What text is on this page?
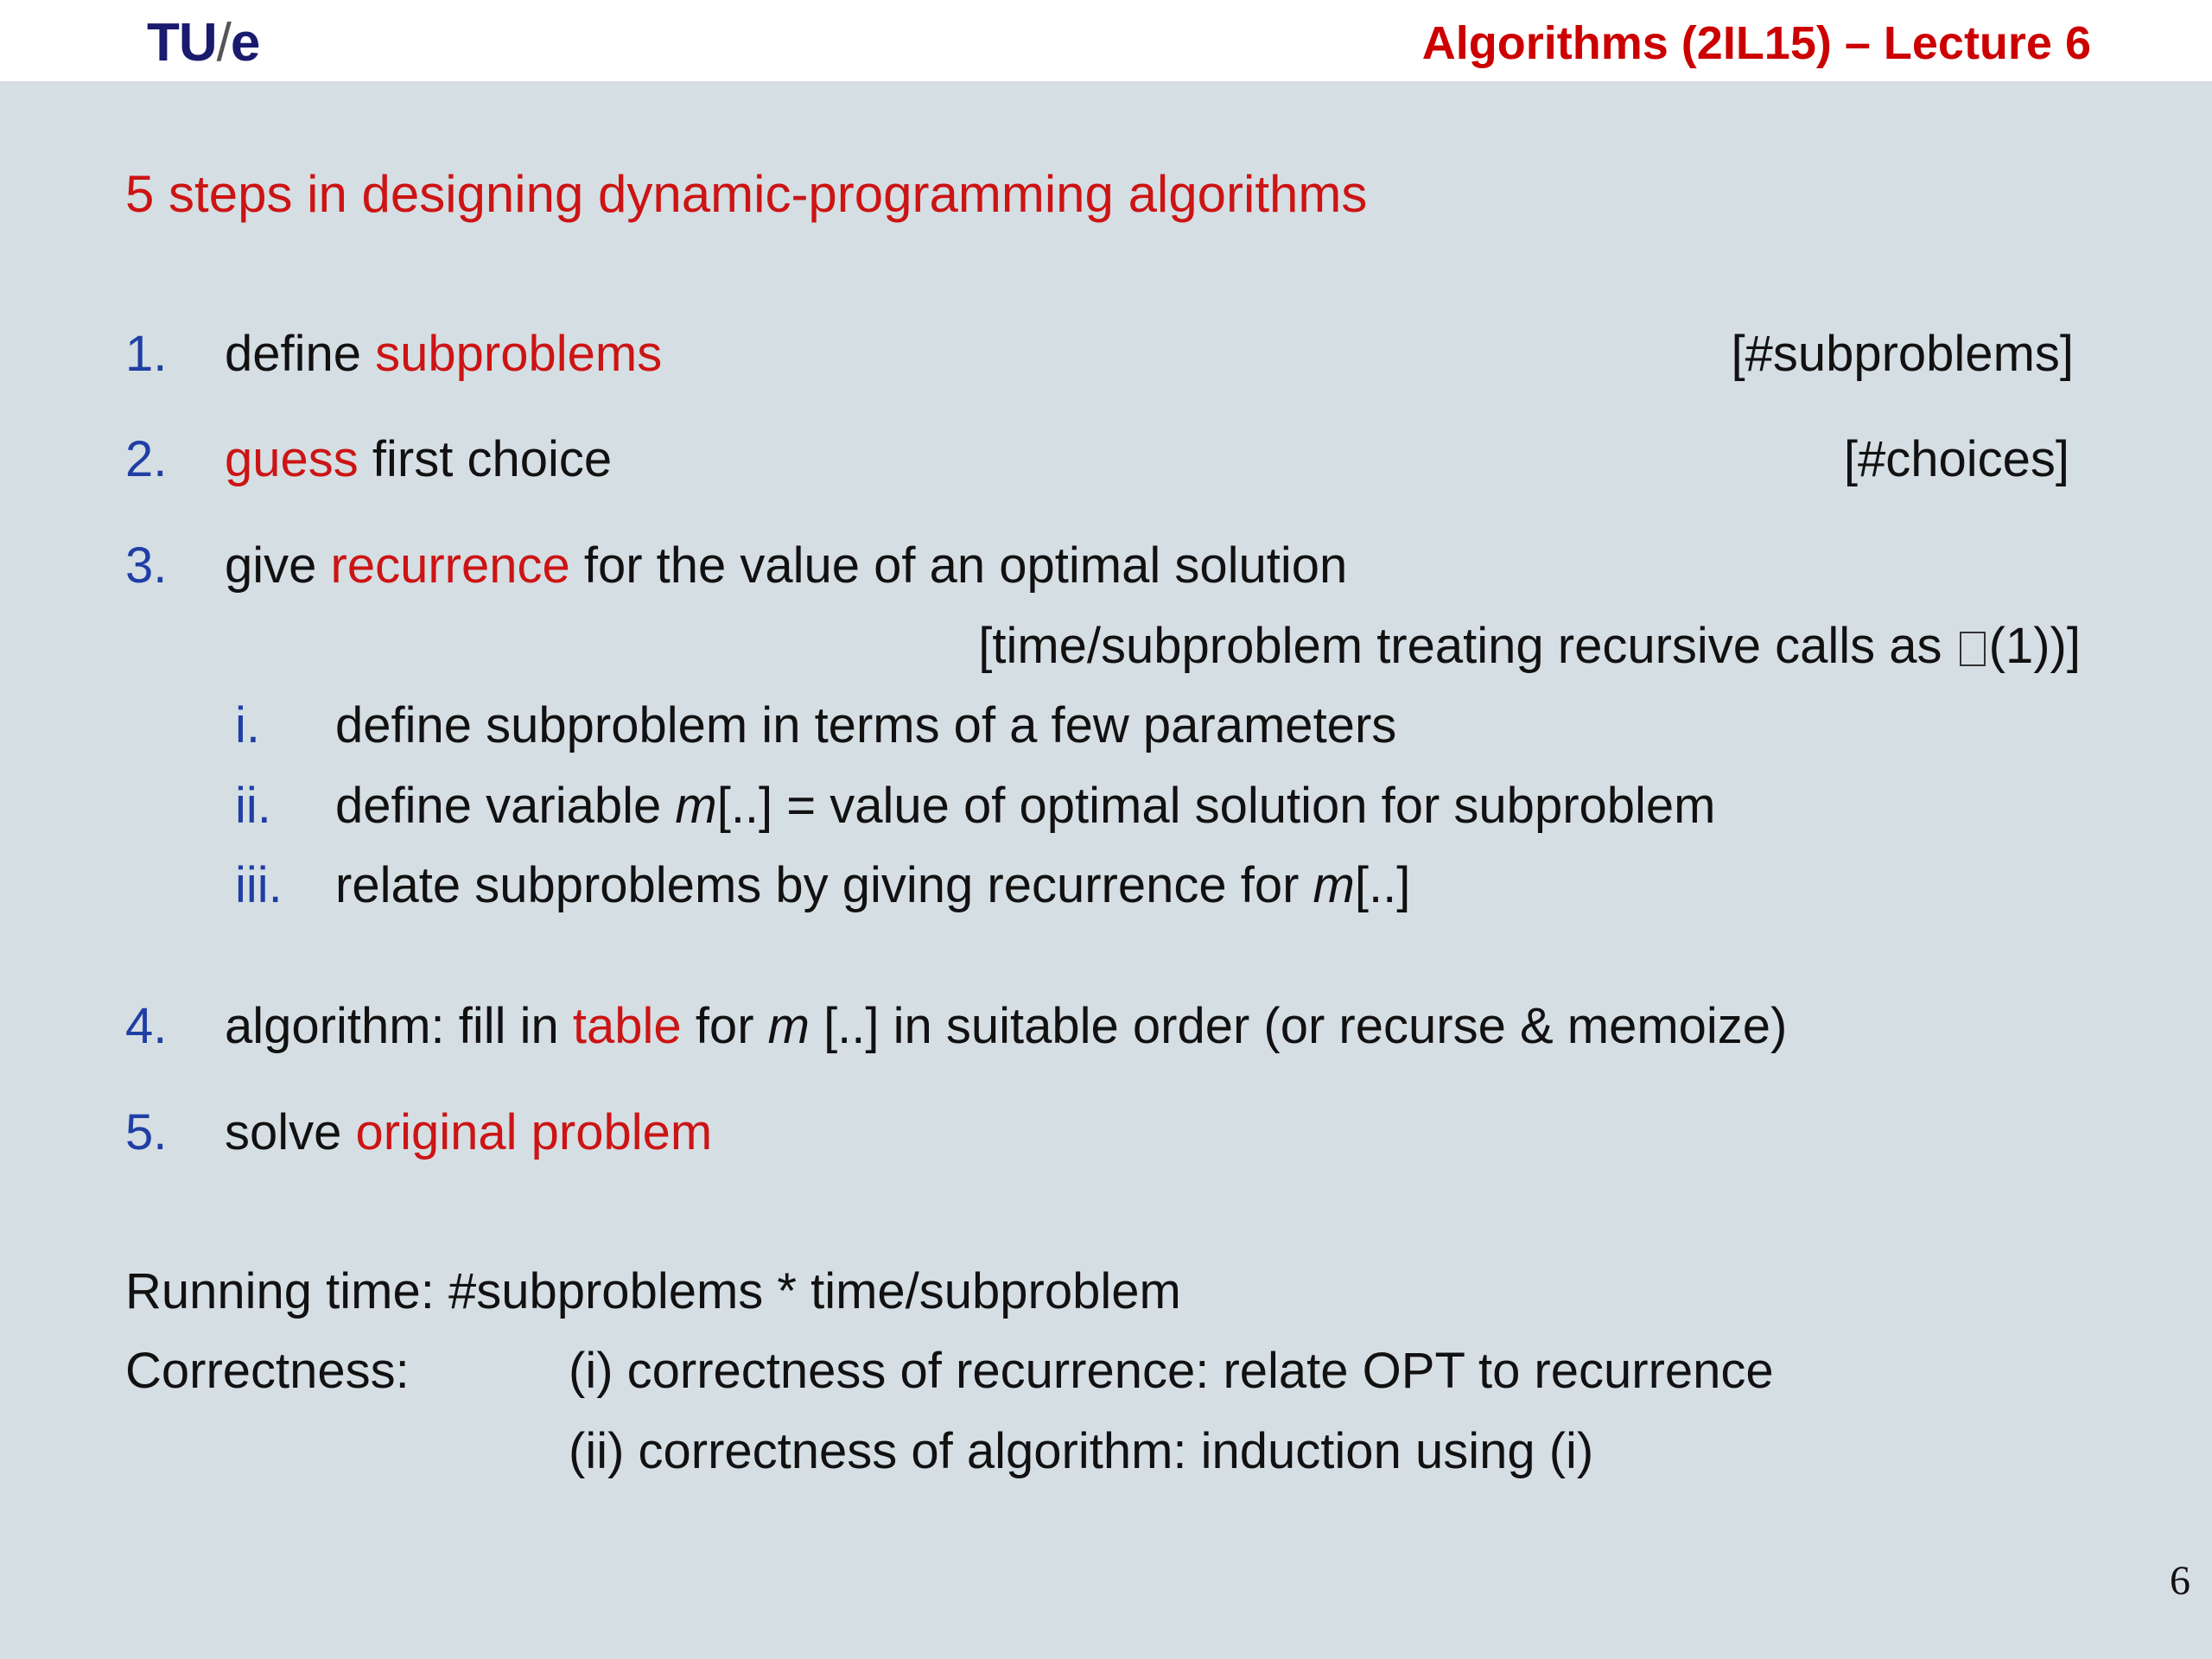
TU/e	Algorithms (2IL15) – Lecture 6
5 steps in designing dynamic-programming algorithms
1. define subproblems	[#subproblems]
2. guess first choice	[#choices]
3. give recurrence for the value of an optimal solution
[time/subproblem treating recursive calls as (1))]
i. define subproblem in terms of a few parameters
ii. define variable m[..] = value of optimal solution for subproblem
iii. relate subproblems by giving recurrence for m[..]
4. algorithm: fill in table for m [..] in suitable order (or recurse & memoize)
5. solve original problem
Running time: #subproblems * time/subproblem
Correctness:	(i) correctness of recurrence: relate OPT to recurrence
(ii) correctness of algorithm: induction using (i)
6
